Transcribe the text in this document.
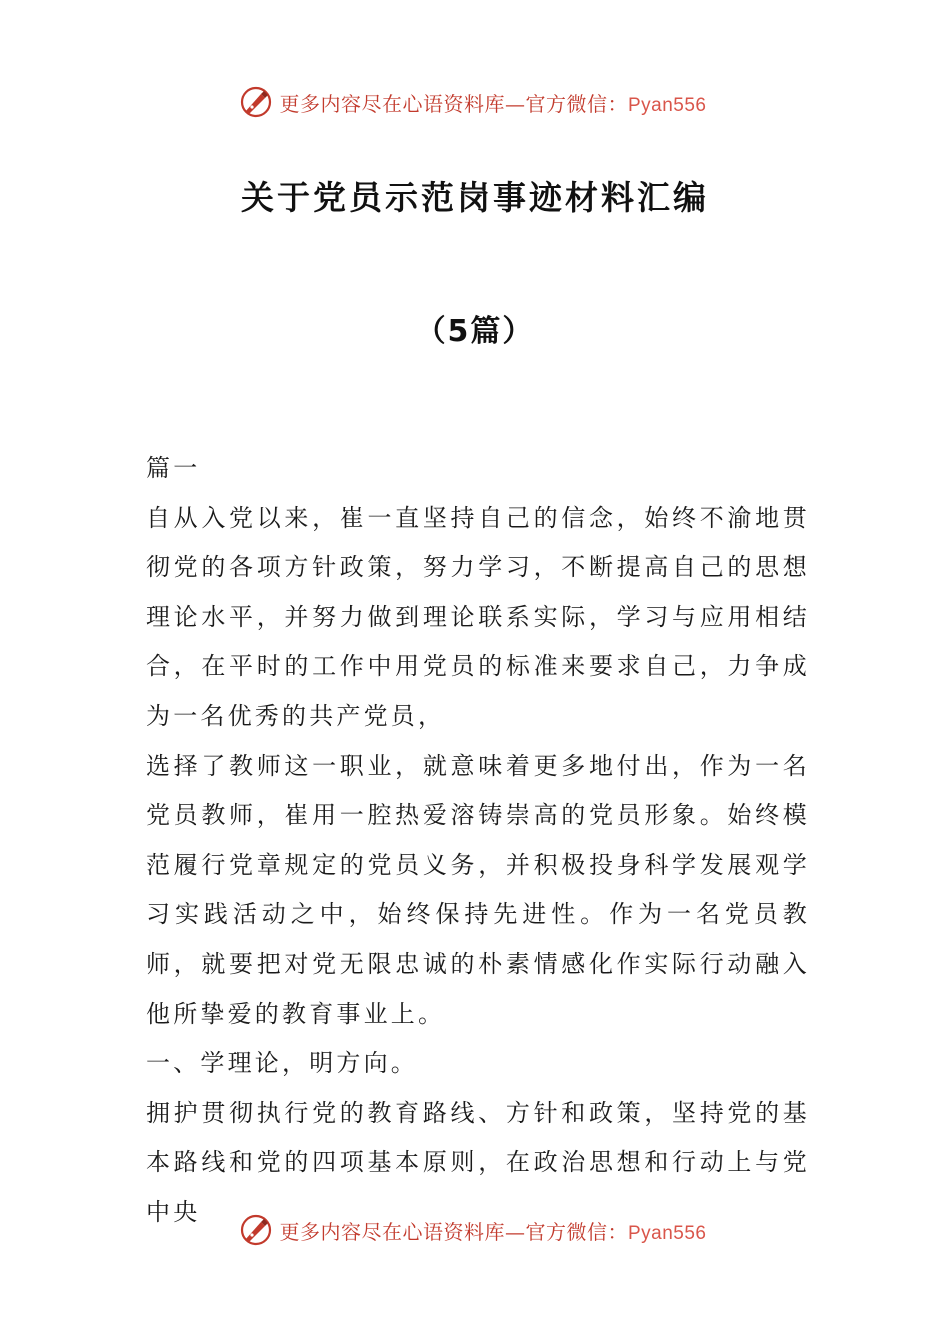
更多内容尽在心语资料库—官方微信：Pyan556
关于党员示范岗事迹材料汇编
（5篇）

篇一

自从入党以来，崔一直坚持自己的信念，始终不渝地贯彻党的各项方针政策，努力学习，不断提高自己的思想理论水平，并努力做到理论联系实际，学习与应用相结合，在平时的工作中用党员的标准来要求自己，力争成为一名优秀的共产党员，

选择了教师这一职业，就意味着更多地付出，作为一名党员教师，崔用一腔热爱溶铸崇高的党员形象。始终模范履行党章规定的党员义务，并积极投身科学发展观学习实践活动之中，始终保持先进性。作为一名党员教师，就要把对党无限忠诚的朴素情感化作实际行动融入他所挚爱的教育事业上。

一、学理论，明方向。

拥护贯彻执行党的教育路线、方针和政策，坚持党的基本路线和党的四项基本原则，在政治思想和行动上与党中央

更多内容尽在心语资料库—官方微信：Pyan556
